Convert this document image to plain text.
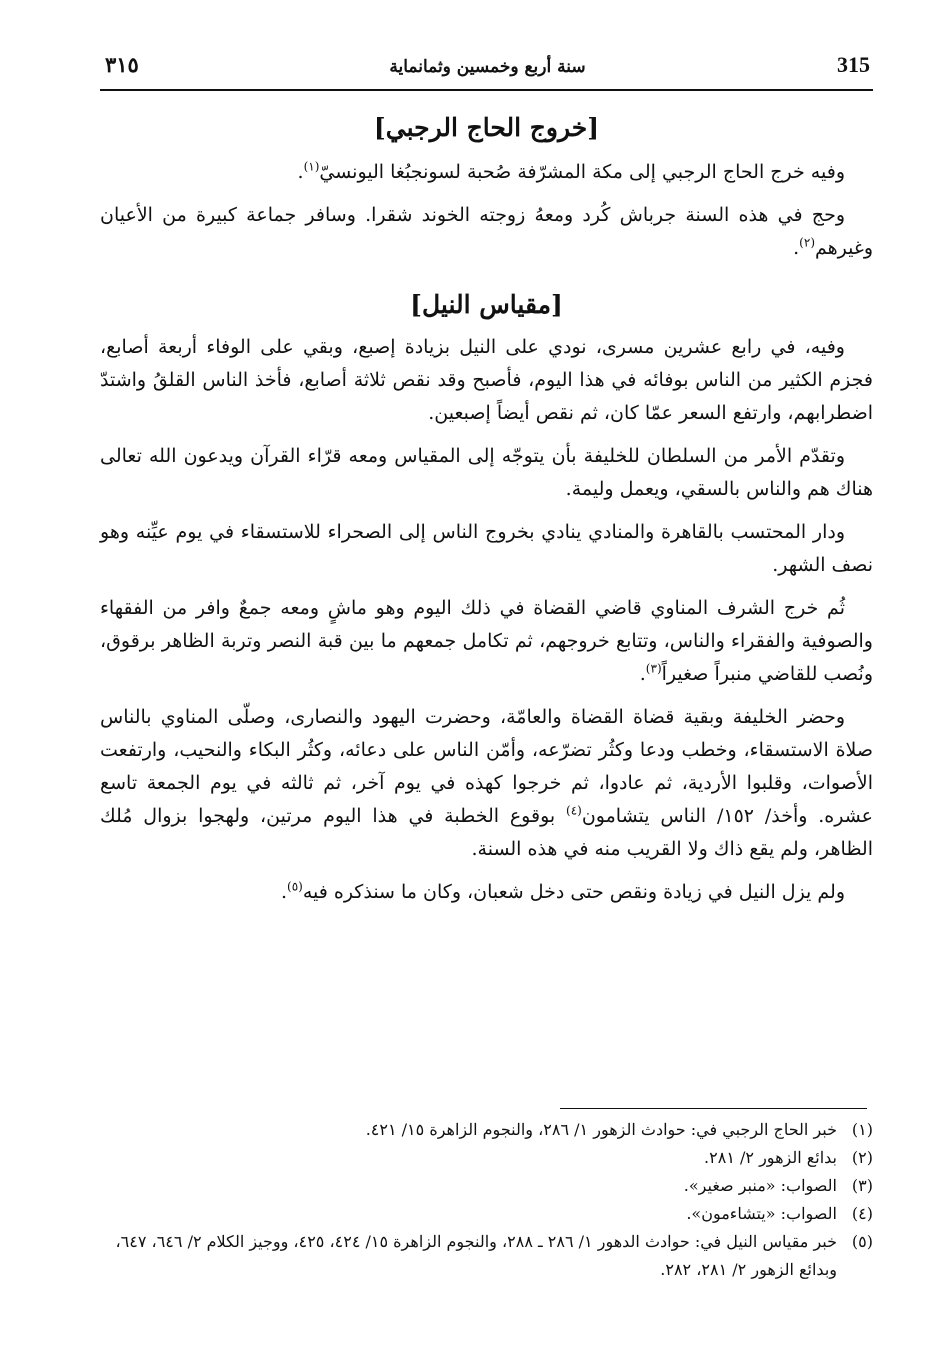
315
سنة أربع وخمسين وثمانماية
٣١٥
[خروج الحاج الرجبي]

وفيه خرج الحاج الرجبي إلى مكة المشرّفة صُحبة لسونجبُغا اليونسيّ$^{(١)}$.

وحج في هذه السنة جرباش كُرد ومعهُ زوجته الخوند شقرا. وسافر جماعة كبيرة من الأعيان وغيرهم$^{(٢)}$.

[مقياس النيل]

وفيه، في رابع عشرين مسرى، نودي على النيل بزيادة إصبع، وبقي على الوفاء أربعة أصابع، فجزم الكثير من الناس بوفائه في هذا اليوم، فأصبح وقد نقص ثلاثة أصابع، فأخذ الناس القلقُ واشتدّ اضطرابهم، وارتفع السعر عمّا كان، ثم نقص أيضاً إصبعين.

وتقدّم الأمر من السلطان للخليفة بأن يتوجّه إلى المقياس ومعه قرّاء القرآن ويدعون الله تعالى هناك هم والناس بالسقي، ويعمل وليمة.

ودار المحتسب بالقاهرة والمنادي ينادي بخروج الناس إلى الصحراء للاستسقاء في يوم عيِّنه وهو نصف الشهر.

ثُم خرج الشرف المناوي قاضي القضاة في ذلك اليوم وهو ماشٍ ومعه جمعٌ وافر من الفقهاء والصوفية والفقراء والناس، وتتابع خروجهم، ثم تكامل جمعهم ما بين قبة النصر وتربة الظاهر برقوق، ونُصب للقاضي منبراً صغيراً$^{(٣)}$.

وحضر الخليفة وبقية قضاة القضاة والعامّة، وحضرت اليهود والنصارى، وصلّى المناوي بالناس صلاة الاستسقاء، وخطب ودعا وكثُر تضرّعه، وأمّن الناس على دعائه، وكثُر البكاء والنحيب، وارتفعت الأصوات، وقلبوا الأردية، ثم عادوا، ثم خرجوا كهذه في يوم آخر، ثم ثالثه في يوم الجمعة تاسع عشره. وأخذ/ ١٥٢/ الناس يتشامون$^{(٤)}$ بوقوع الخطبة في هذا اليوم مرتين، ولهجوا بزوال مُلك الظاهر، ولم يقع ذاك ولا القريب منه في هذه السنة.

ولم يزل النيل في زيادة ونقص حتى دخل شعبان، وكان ما سنذكره فيه$^{(٥)}$.

(١)
خبر الحاج الرجبي في: حوادث الزهور ١/ ٢٨٦، والنجوم الزاهرة ١٥/ ٤٢١.
(٢)
بدائع الزهور ٢/ ٢٨١.
(٣)
الصواب: «منبر صغير».
(٤)
الصواب: «يتشاءمون».
(٥)
خبر مقياس النيل في: حوادث الدهور ١/ ٢٨٦ ـ ٢٨٨، والنجوم الزاهرة ١٥/ ٤٢٤، ٤٢٥، ووجيز الكلام ٢/ ٦٤٦، ٦٤٧، وبدائع الزهور ٢/ ٢٨١، ٢٨٢.
